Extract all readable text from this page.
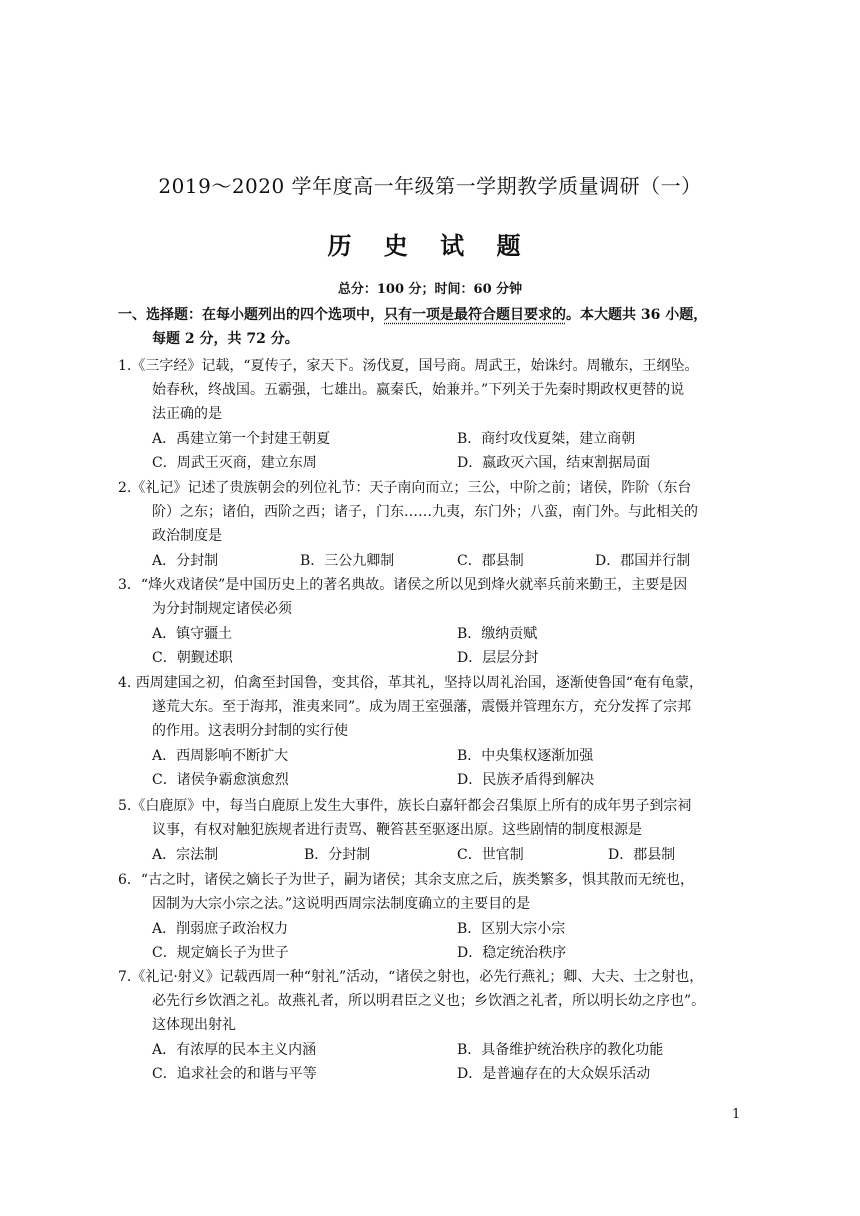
2019～2020 学年度高一年级第一学期教学质量调研（一）
历 史 试 题
总分：100 分；时间：60 分钟
一、选择题：在每小题列出的四个选项中，只有一项是最符合题目要求的。本大题共 36 小题，
每题 2 分，共 72 分。
1.《三字经》记载，“夏传子，家天下。汤伐夏，国号商。周武王，始诛纣。周辙东，王纲坠。
始春秋，终战国。五霸强，七雄出。嬴秦氏，始兼并。”下列关于先秦时期政权更替的说
法正确的是
A．禹建立第一个封建王朝夏	B．商纣攻伐夏桀，建立商朝
C．周武王灭商，建立东周	D．嬴政灭六国，结束割据局面
2.《礼记》记述了贵族朝会的列位礼节：天子南向而立；三公，中阶之前；诸侯，阼阶（东台
阶）之东；诸伯，西阶之西；诸子，门东……九夷，东门外；八蛮，南门外。与此相关的
政治制度是
A．分封制	B．三公九卿制	C．郡县制	D．郡国并行制
3．“烽火戏诸侯”是中国历史上的著名典故。诸侯之所以见到烽火就率兵前来勤王，主要是因
为分封制规定诸侯必须
A．镇守疆土	B．缴纳贡赋
C．朝觐述职	D．层层分封
4. 西周建国之初，伯禽至封国鲁，变其俗，革其礼，坚持以周礼治国，逐渐使鲁国“奄有龟蒙，
遂荒大东。至于海邦，淮夷来同”。成为周王室强藩，震慑并管理东方，充分发挥了宗邦
的作用。这表明分封制的实行使
A．西周影响不断扩大	B．中央集权逐渐加强
C．诸侯争霸愈演愈烈	D．民族矛盾得到解决
5.《白鹿原》中，每当白鹿原上发生大事件，族长白嘉轩都会召集原上所有的成年男子到宗祠
议事，有权对触犯族规者进行责骂、鞭笞甚至驱逐出原。这些剧情的制度根源是
A．宗法制	B．分封制	C．世官制	D．郡县制
6．“古之时，诸侯之嫡长子为世子，嗣为诸侯；其余支庶之后，族类繁多，惧其散而无统也，
因制为大宗小宗之法。”这说明西周宗法制度确立的主要目的是
A．削弱庶子政治权力	B．区别大宗小宗
C．规定嫡长子为世子	D．稳定统治秩序
7.《礼记·射义》记载西周一种“射礼”活动，“诸侯之射也，必先行燕礼；卿、大夫、士之射也，
必先行乡饮酒之礼。故燕礼者，所以明君臣之义也；乡饮酒之礼者，所以明长幼之序也”。
这体现出射礼
A．有浓厚的民本主义内涵	B．具备维护统治秩序的教化功能
C．追求社会的和谐与平等	D．是普遍存在的大众娱乐活动
1
